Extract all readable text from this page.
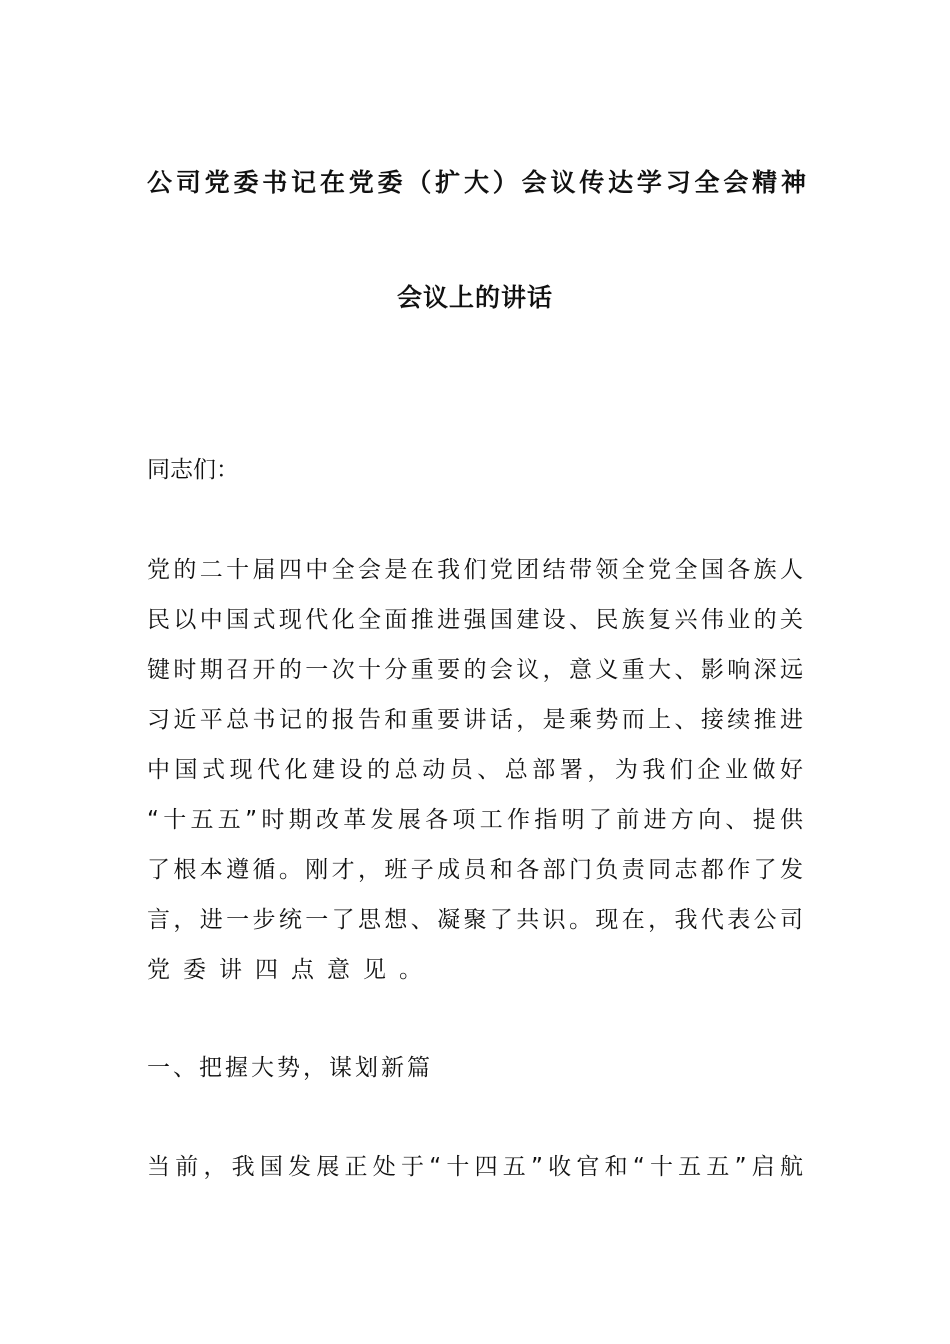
公司党委书记在党委（扩大）会议传达学习全会精神
会议上的讲话
同志们：
党的二十届四中全会是在我们党团结带领全党全国各族人
民以中国式现代化全面推进强国建设、民族复兴伟业的关
键时期召开的一次十分重要的会议，意义重大、影响深远
习近平总书记的报告和重要讲话，是乘势而上、接续推进
中国式现代化建设的总动员、总部署，为我们企业做好
“十五五”时期改革发展各项工作指明了前进方向、提供
了根本遵循。刚才，班子成员和各部门负责同志都作了发
言，进一步统一了思想、凝聚了共识。现在，我代表公司
党委讲四点意见。
一、把握大势，谋划新篇
当前，我国发展正处于“十四五”收官和“十五五”启航
